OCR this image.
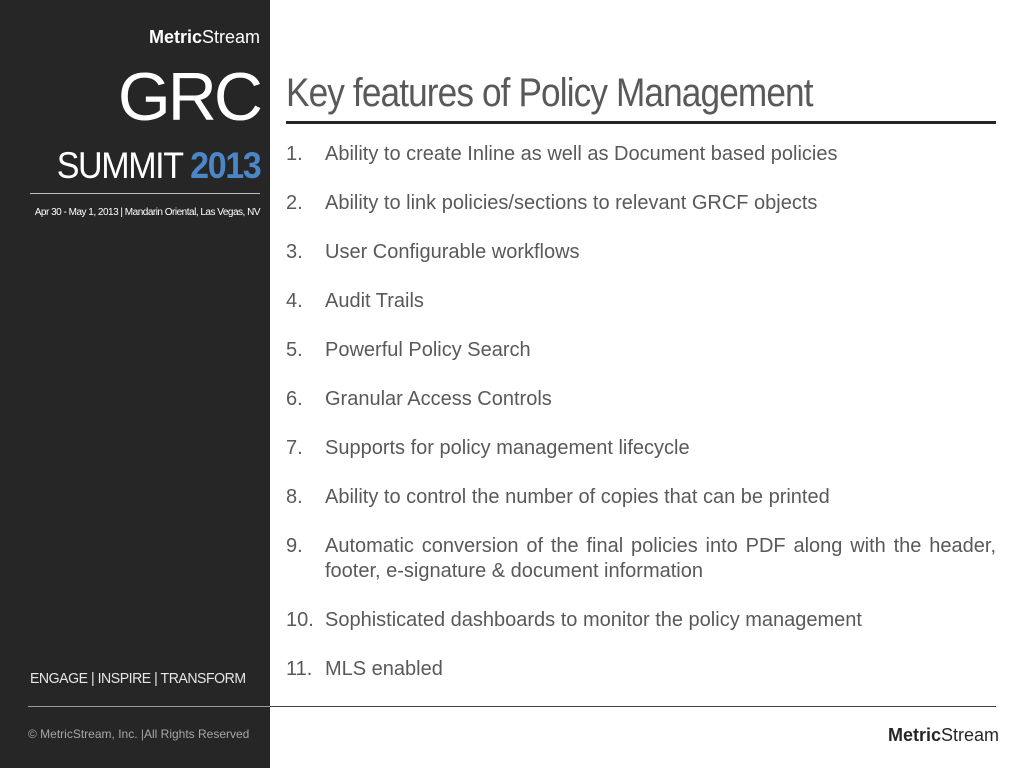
MetricStream
GRC
SUMMIT 2013
Apr 30 - May 1, 2013 | Mandarin Oriental, Las Vegas, NV
ENGAGE | INSPIRE | TRANSFORM
© MetricStream, Inc. |All Rights Reserved
Key features of Policy Management
1. Ability to create Inline as well as Document based policies
2. Ability to link policies/sections to relevant GRCF objects
3. User Configurable workflows
4. Audit Trails
5. Powerful Policy Search
6. Granular Access Controls
7. Supports for policy management lifecycle
8. Ability to control the number of copies that can be printed
9. Automatic conversion of the final policies into PDF along with the header, footer, e-signature & document information
10. Sophisticated dashboards to monitor the policy management
11. MLS enabled
MetricStream
